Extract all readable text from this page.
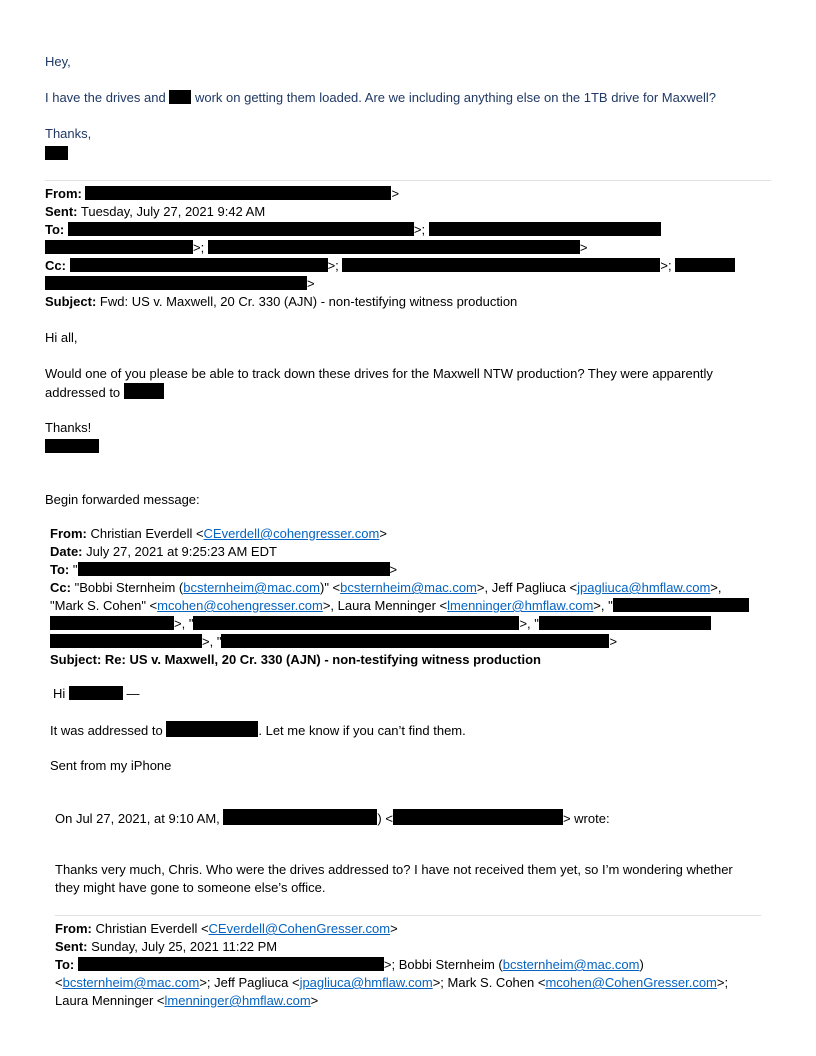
Hey,
I have the drives and work on getting them loaded. Are we including anything else on the 1TB drive for Maxwell?
Thanks,
From:	>
Sent: Tuesday, July 27, 2021 9:42 AM
To:	>;
>;	>
Cc:	>;	>;
>
Subject: Fwd: US v. Maxwell, 20 Cr. 330 (AJN) - non-testifying witness production
Hi all,
Would one of you please be able to track down these drives for the Maxwell NTW production? They were apparently
addressed to
Thanks!
Begin forwarded message:
From: Christian Everdell <CEverdell@cohengresser.com>
Date: July 27, 2021 at 9:25:23 AM EDT
To: "	>
Cc: "Bobbi Sternheim (bcsternheim@mac.com)" <bcsternheim@mac.com>, Jeff Pagliuca <jpagliuca@hmflaw.com>,
"Mark S. Cohen" <mcohen@cohengresser.com>, Laura Menninger <lmenninger@hmflaw.com>, "
>, "	>, "
>, "	>
Subject: Re: US v. Maxwell, 20 Cr. 330 (AJN) - non-testifying witness production
Hi	—
It was addressed to	. Let me know if you can’t find them.
Sent from my iPhone
On Jul 27, 2021, at 9:10 AM,	) <	> wrote:
Thanks very much, Chris. Who were the drives addressed to? I have not received them yet, so I’m wondering whether
they might have gone to someone else’s office.
From: Christian Everdell <CEverdell@CohenGresser.com>
Sent: Sunday, July 25, 2021 11:22 PM
To:	>; Bobbi Sternheim (bcsternheim@mac.com)
<bcsternheim@mac.com>; Jeff Pagliuca <jpagliuca@hmflaw.com>; Mark S. Cohen <mcohen@CohenGresser.com>;
Laura Menninger <lmenninger@hmflaw.com>
